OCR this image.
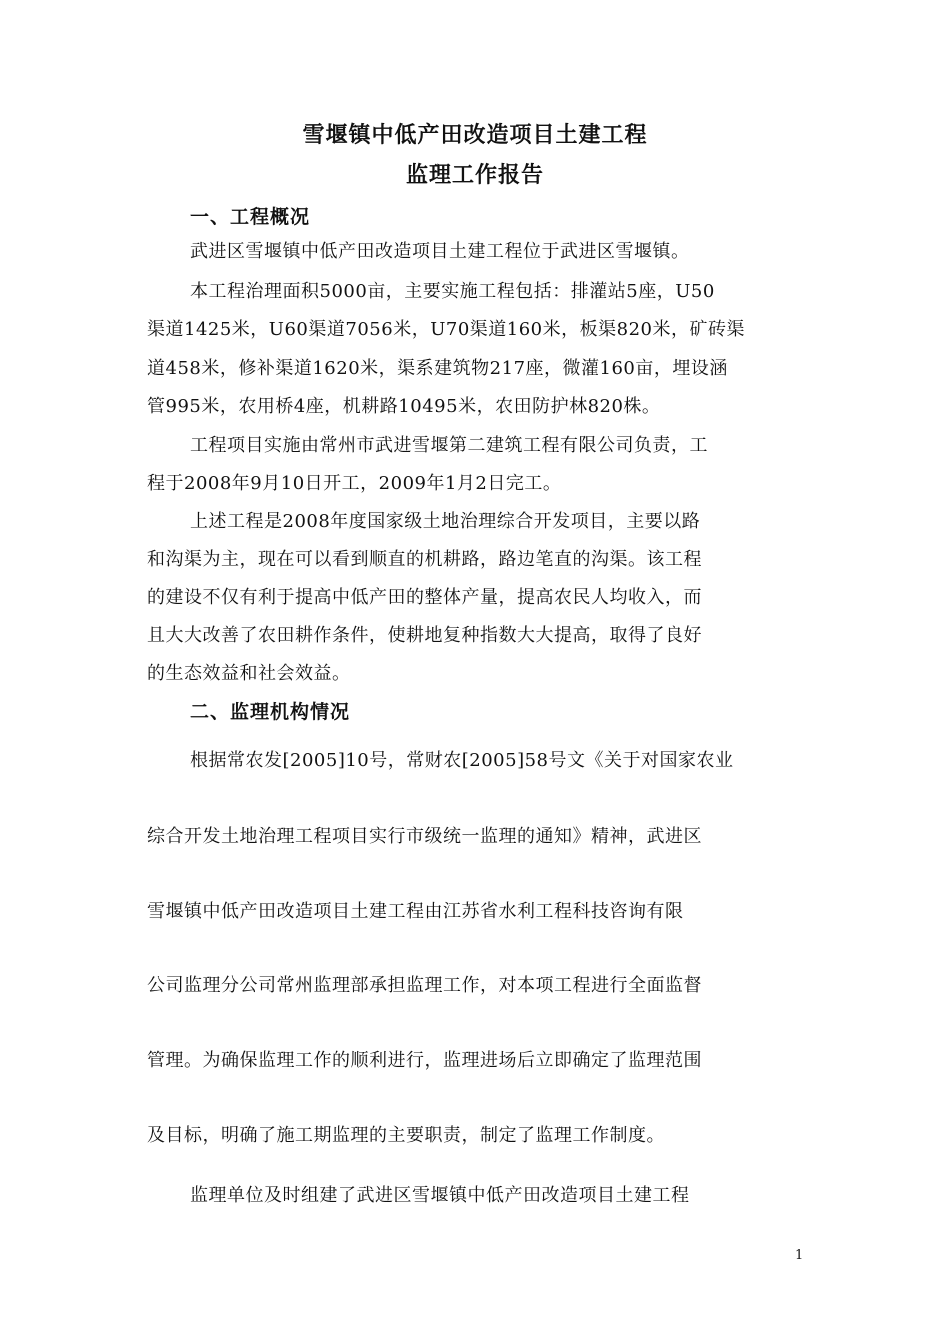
雪堰镇中低产田改造项目土建工程
监理工作报告
一、工程概况
武进区雪堰镇中低产田改造项目土建工程位于武进区雪堰镇。
本工程治理面积5000亩，主要实施工程包括：排灌站5座，U50
渠道1425米，U60渠道7056米，U70渠道160米，板渠820米，矿砖渠
道458米，修补渠道1620米，渠系建筑物217座，微灌160亩，埋设涵
管995米，农用桥4座，机耕路10495米，农田防护林820株。
工程项目实施由常州市武进雪堰第二建筑工程有限公司负责，工
程于2008年9月10日开工，2009年1月2日完工。
上述工程是2008年度国家级土地治理综合开发项目，主要以路
和沟渠为主，现在可以看到顺直的机耕路，路边笔直的沟渠。该工程
的建设不仅有利于提高中低产田的整体产量，提高农民人均收入，而
且大大改善了农田耕作条件，使耕地复种指数大大提高，取得了良好
的生态效益和社会效益。
二、监理机构情况
根据常农发[2005]10号，常财农[2005]58号文《关于对国家农业
综合开发土地治理工程项目实行市级统一监理的通知》精神，武进区
雪堰镇中低产田改造项目土建工程由江苏省水利工程科技咨询有限
公司监理分公司常州监理部承担监理工作，对本项工程进行全面监督
管理。为确保监理工作的顺利进行，监理进场后立即确定了监理范围
及目标，明确了施工期监理的主要职责，制定了监理工作制度。
监理单位及时组建了武进区雪堰镇中低产田改造项目土建工程
1
